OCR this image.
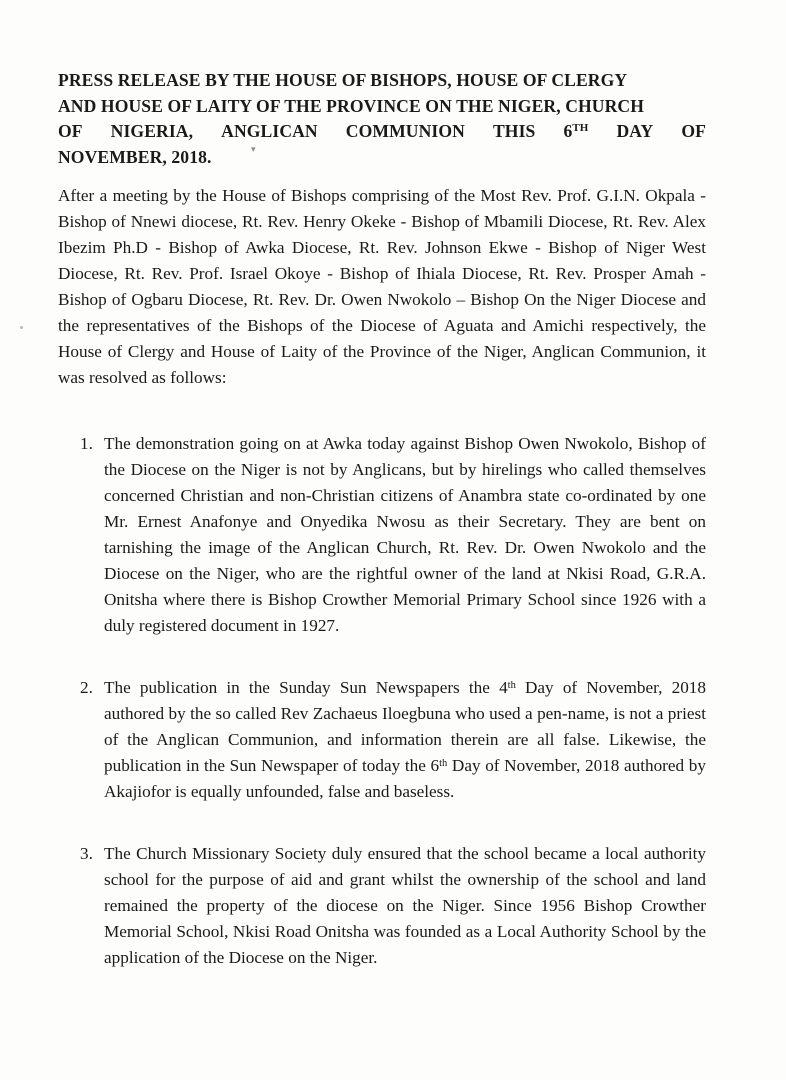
PRESS RELEASE BY THE HOUSE OF BISHOPS, HOUSE OF CLERGY
AND HOUSE OF LAITY OF THE PROVINCE ON THE NIGER, CHURCH
OF NIGERIA, ANGLICAN COMMUNION THIS 6TH DAY OF
NOVEMBER, 2018.	▾

After a meeting by the House of Bishops comprising of the Most Rev. Prof. G.I.N. Okpala - Bishop of Nnewi diocese, Rt. Rev. Henry Okeke - Bishop of Mbamili Diocese, Rt. Rev. Alex Ibezim Ph.D - Bishop of Awka Diocese, Rt. Rev. Johnson Ekwe - Bishop of Niger West Diocese, Rt. Rev. Prof. Israel Okoye - Bishop of Ihiala Diocese, Rt. Rev. Prosper Amah - Bishop of Ogbaru Diocese, Rt. Rev. Dr. Owen Nwokolo – Bishop On the Niger Diocese and the representatives of the Bishops of the Diocese of Aguata and Amichi respectively, the House of Clergy and House of Laity of the Province of the Niger, Anglican Communion, it was resolved as follows:

1. The demonstration going on at Awka today against Bishop Owen Nwokolo, Bishop of the Diocese on the Niger is not by Anglicans, but by hirelings who called themselves concerned Christian and non-Christian citizens of Anambra state co-ordinated by one Mr. Ernest Anafonye and Onyedika Nwosu as their Secretary. They are bent on tarnishing the image of the Anglican Church, Rt. Rev. Dr. Owen Nwokolo and the Diocese on the Niger, who are the rightful owner of the land at Nkisi Road, G.R.A. Onitsha where there is Bishop Crowther Memorial Primary School since 1926 with a duly registered document in 1927.
2. The publication in the Sunday Sun Newspapers the 4th Day of November, 2018 authored by the so called Rev Zachaeus Iloegbuna who used a pen-name, is not a priest of the Anglican Communion, and information therein are all false. Likewise, the publication in the Sun Newspaper of today the 6th Day of November, 2018 authored by Akajiofor is equally unfounded, false and baseless.
3. The Church Missionary Society duly ensured that the school became a local authority school for the purpose of aid and grant whilst the ownership of the school and land remained the property of the diocese on the Niger. Since 1956 Bishop Crowther Memorial School, Nkisi Road Onitsha was founded as a Local Authority School by the application of the Diocese on the Niger.
